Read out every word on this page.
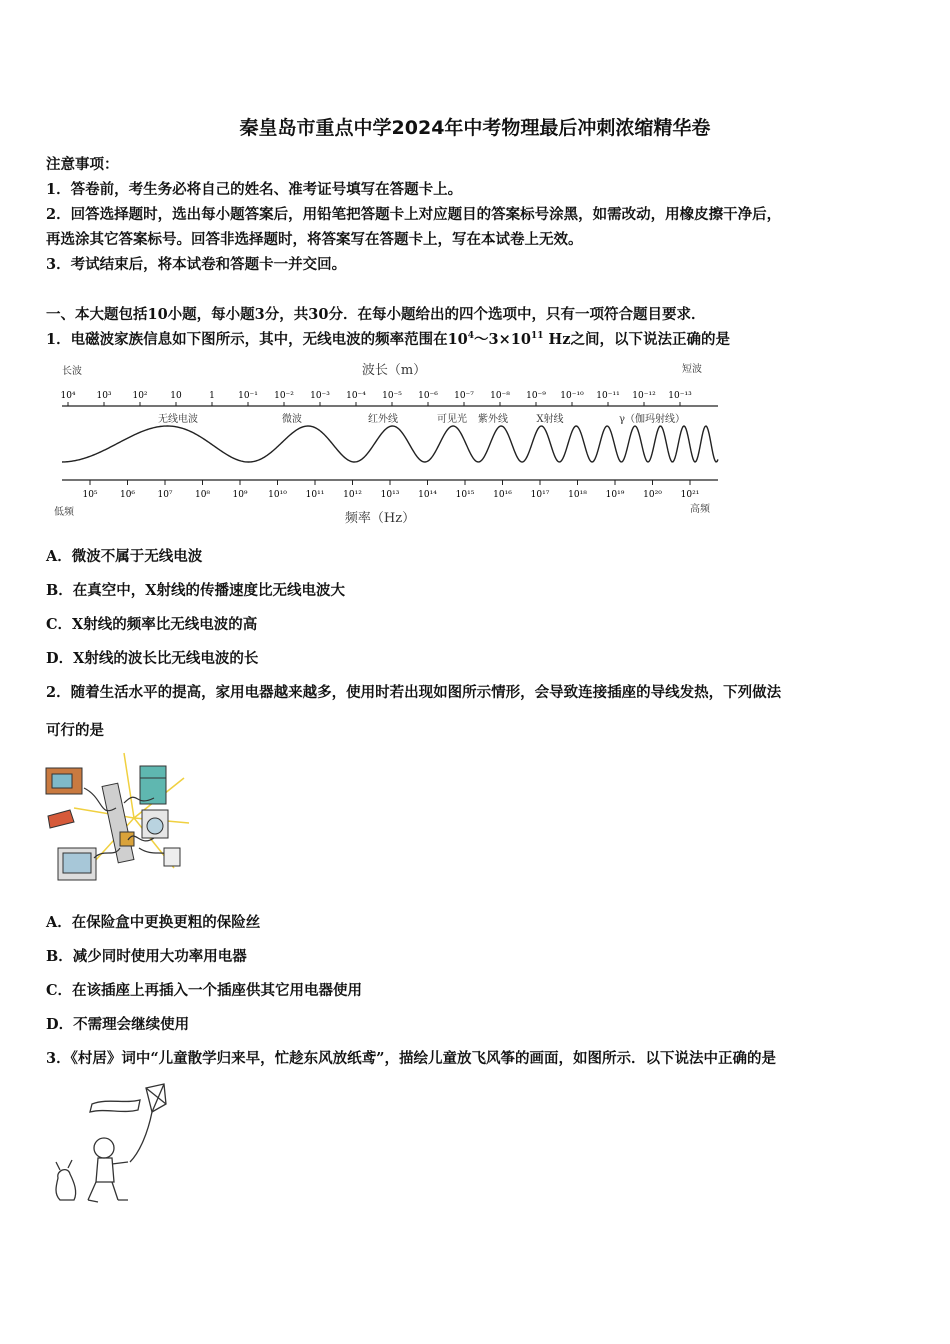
秦皇岛市重点中学2024年中考物理最后冲刺浓缩精华卷
注意事项：
1．答卷前，考生务必将自己的姓名、准考证号填写在答题卡上。
2．回答选择题时，选出每小题答案后，用铅笔把答题卡上对应题目的答案标号涂黑，如需改动，用橡皮擦干净后，
再选涂其它答案标号。回答非选择题时，将答案写在答题卡上，写在本试卷上无效。
3．考试结束后，将本试卷和答题卡一并交回。
一、本大题包括10小题，每小题3分，共30分．在每小题给出的四个选项中，只有一项符合题目要求．
1．电磁波家族信息如下图所示，其中，无线电波的频率范围在$10^4\sim 3\times 10^{11}$ Hz之间，以下说法正确的是
波长（m）
长波	短波
10⁴ 10³ 10²	10	1	10⁻¹ 10⁻² 10⁻³ 10⁻⁴ 10⁻⁵ 10⁻⁶ 10⁻⁷ 10⁻⁸ 10⁻⁹ 10⁻¹⁰ 10⁻¹¹ 10⁻¹² 10⁻¹³
无线电波	微波	红外线	可见光 紫外线	X射线	γ（伽玛射线）
10⁵ 10⁶ 10⁷ 10⁸ 10⁹ 10¹⁰ 10¹¹ 10¹² 10¹³ 10¹⁴ 10¹⁵ 10¹⁶ 10¹⁷ 10¹⁸ 10¹⁹ 10²⁰ 10²¹
低频	频率（Hz）
高频
A．微波不属于无线电波
B．在真空中，X射线的传播速度比无线电波大
C．X射线的频率比无线电波的高
D．X射线的波长比无线电波的长
2．随着生活水平的提高，家用电器越来越多，使用时若出现如图所示情形，会导致连接插座的导线发热，下列做法
可行的是
A．在保险盒中更换更粗的保险丝
B．减少同时使用大功率用电器
C．在该插座上再插入一个插座供其它用电器使用
D．不需理会继续使用
3．《村居》词中“儿童散学归来早，忙趁东风放纸鸢”，描绘儿童放飞风筝的画面，如图所示．以下说法中正确的是
